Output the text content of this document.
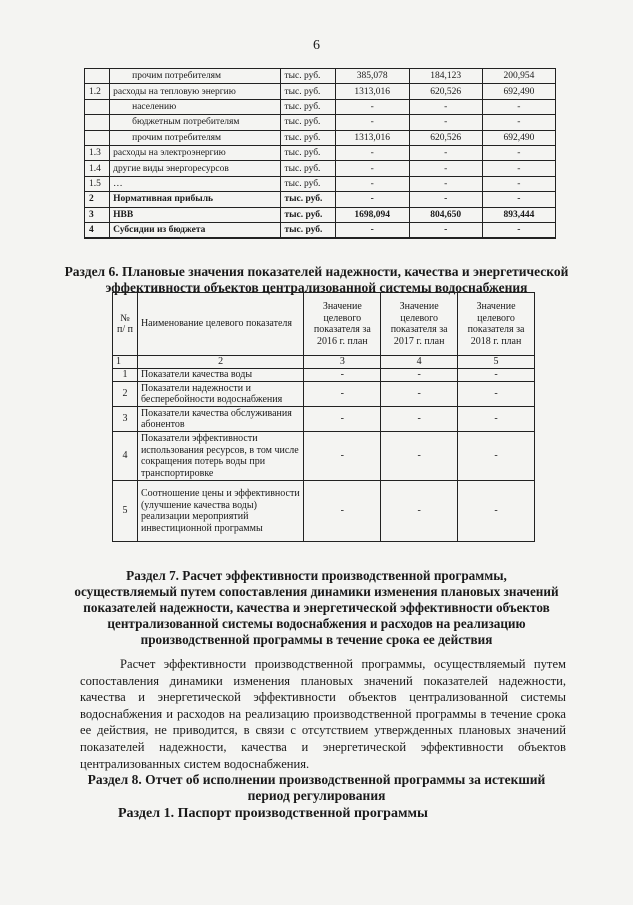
6
	прочим потребителям	тыс. руб.	385,078	184,123	200,954
1.2	расходы на тепловую энергию	тыс. руб.	1313,016	620,526	692,490
	населению	тыс. руб.	-	-	-
	бюджетным потребителям	тыс. руб.	-	-	-
	прочим потребителям	тыс. руб.	1313,016	620,526	692,490
1.3	расходы на электроэнергию	тыс. руб.	-	-	-
1.4	другие виды энергоресурсов	тыс. руб.	-	-	-
1.5	…	тыс. руб.	-	-	-
2	Нормативная прибыль	тыс. руб.	-	-	-
3	НВВ	тыс. руб.	1698,094	804,650	893,444
4	Субсидии из бюджета	тыс. руб.	-	-	-
Раздел 6. Плановые значения показателей надежности, качества и энергетической
эффективности объектов централизованной системы водоснабжения
№ п/ п	Наименование целевого показателя	Значение целевого показателя за 2016 г. план	Значение целевого показателя за 2017 г. план	Значение целевого показателя за 2018 г. план
1	2	3	4	5
1	Показатели качества воды	-	-	-
2	Показатели надежности и бесперебойности водоснабжения	-	-	-
3	Показатели качества обслуживания абонентов	-	-	-
4	Показатели эффективности использования ресурсов, в том числе сокращения потерь воды при транспортировке	-	-	-
5	Соотношение цены и эффективности (улучшение качества воды) реализации мероприятий инвестиционной программы	-	-	-
Раздел 7. Расчет эффективности производственной программы,
осуществляемый путем сопоставления динамики изменения плановых значений
показателей надежности, качества и энергетической эффективности объектов
централизованной системы водоснабжения и расходов на реализацию
производственной программы в течение срока ее действия

Расчет эффективности производственной программы, осуществляемый путем сопоставления динамики изменения плановых значений показателей надежности, качества и энергетической эффективности объектов централизованной системы водоснабжения и расходов на реализацию производственной программы в течение срока ее действия, не приводится, в связи с отсутствием утвержденных плановых значений показателей надежности, качества и энергетической эффективности объектов централизованных систем водоснабжения.

Раздел 8. Отчет об исполнении производственной программы за истекший
период регулирования
Раздел 1. Паспорт производственной программы
